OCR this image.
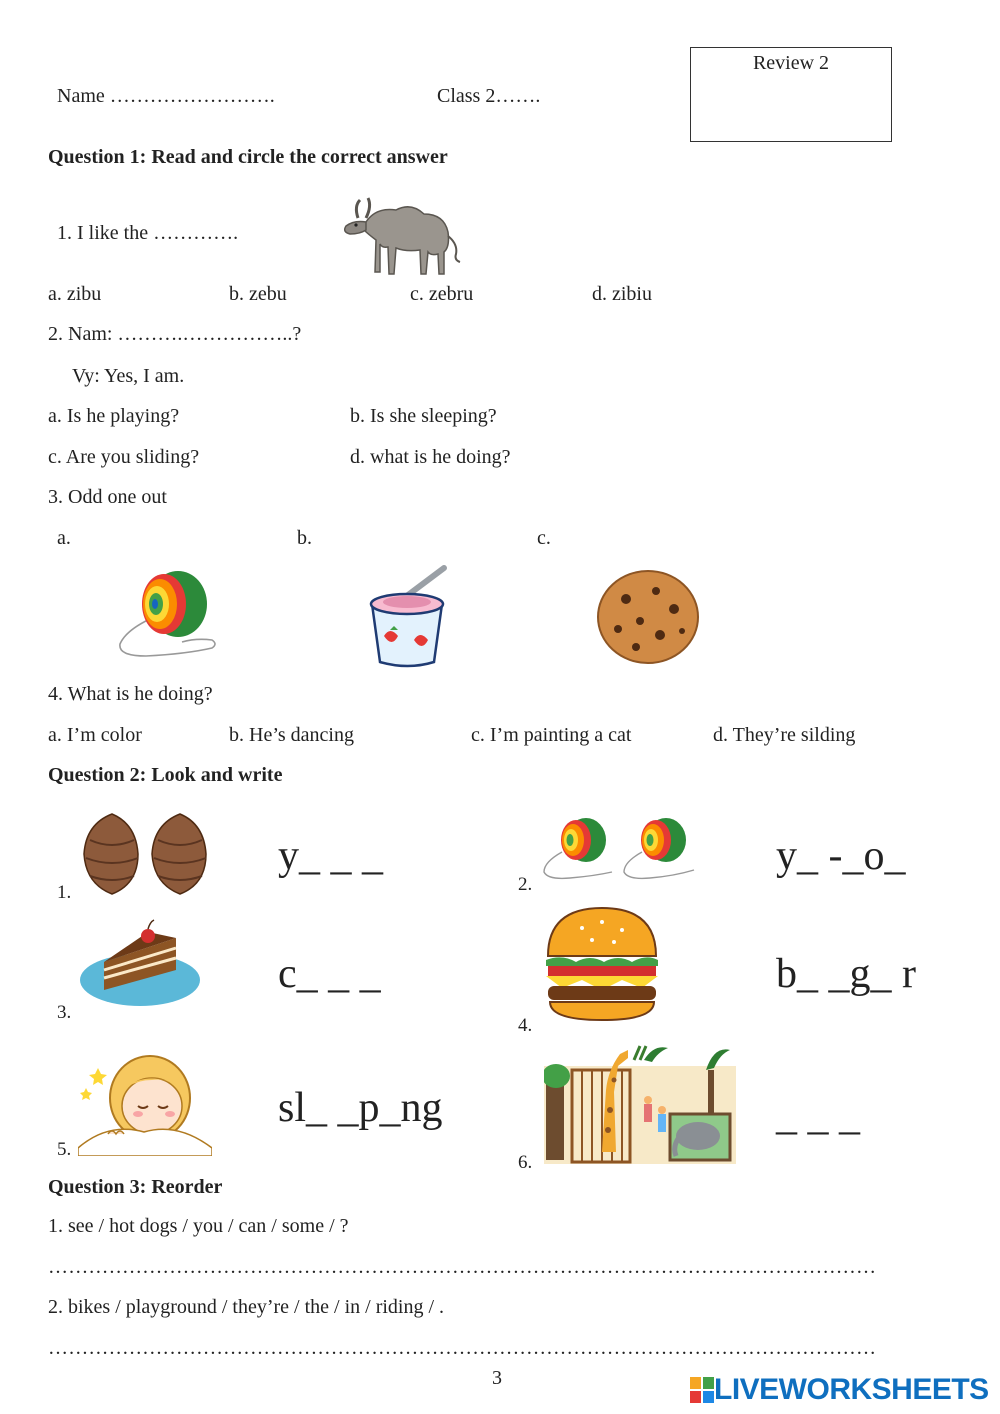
Name …………………….	Class 2…….
Review 2
Question 1: Read and circle the correct answer
1. I like the ………….
a. zibu	b. zebu	c. zebru	d. zibiu
2. Nam: ……….……………..?
Vy: Yes, I am.
a. Is he playing?	b. Is she sleeping?
c. Are you sliding?	d. what is he doing?
3. Odd one out
a.	b.	c.
4. What is he doing?
a. I’m color	b. He’s dancing	c. I’m painting a cat	d. They’re silding
Question 2: Look and write
1.
y_ _ _
2.
y_ -_o_
3.
c_ _ _
4.
b_ _g_ r
5.
sl_ _p_ng
6.
_ _ _
Question 3: Reorder
1. see / hot dogs / you / can / some / ?
……………………………………………………………………………………………………………
2. bikes / playground / they’re / the / in / riding / .
……………………………………………………………………………………………………………
3	LIVEWORKSHEETS
